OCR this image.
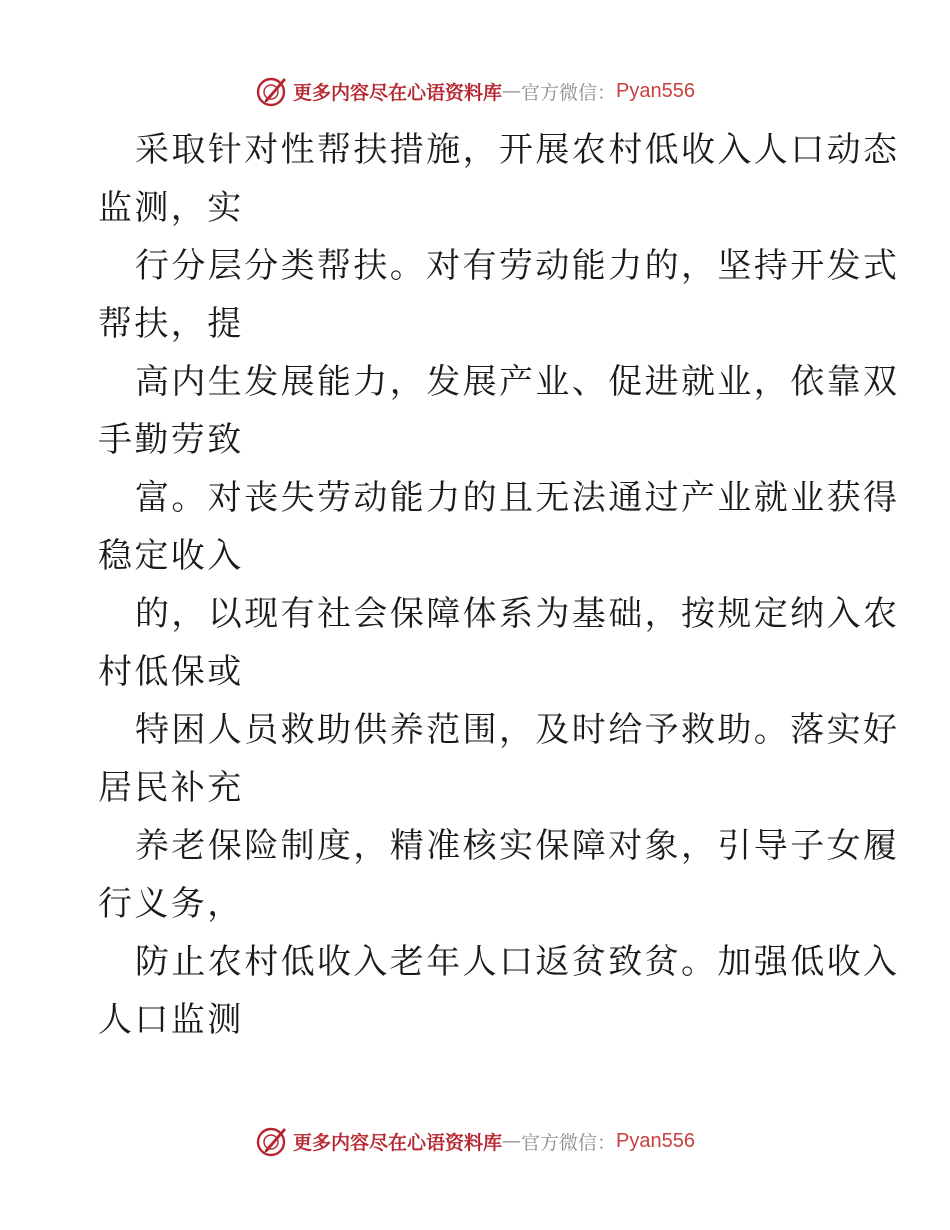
更多内容尽在心语资料库 — 官方微信： Pyan556
采取针对性帮扶措施，开展农村低收入人口动态
监测，实
行分层分类帮扶。对有劳动能力的，坚持开发式
帮扶，提
高内生发展能力，发展产业、促进就业，依靠双
手勤劳致
富。对丧失劳动能力的且无法通过产业就业获得
稳定收入
的，以现有社会保障体系为基础，按规定纳入农
村低保或
特困人员救助供养范围，及时给予救助。落实好
居民补充
养老保险制度，精准核实保障对象，引导子女履
行义务，
防止农村低收入老年人口返贫致贫。加强低收入
人口监测
更多内容尽在心语资料库 — 官方微信： Pyan556
